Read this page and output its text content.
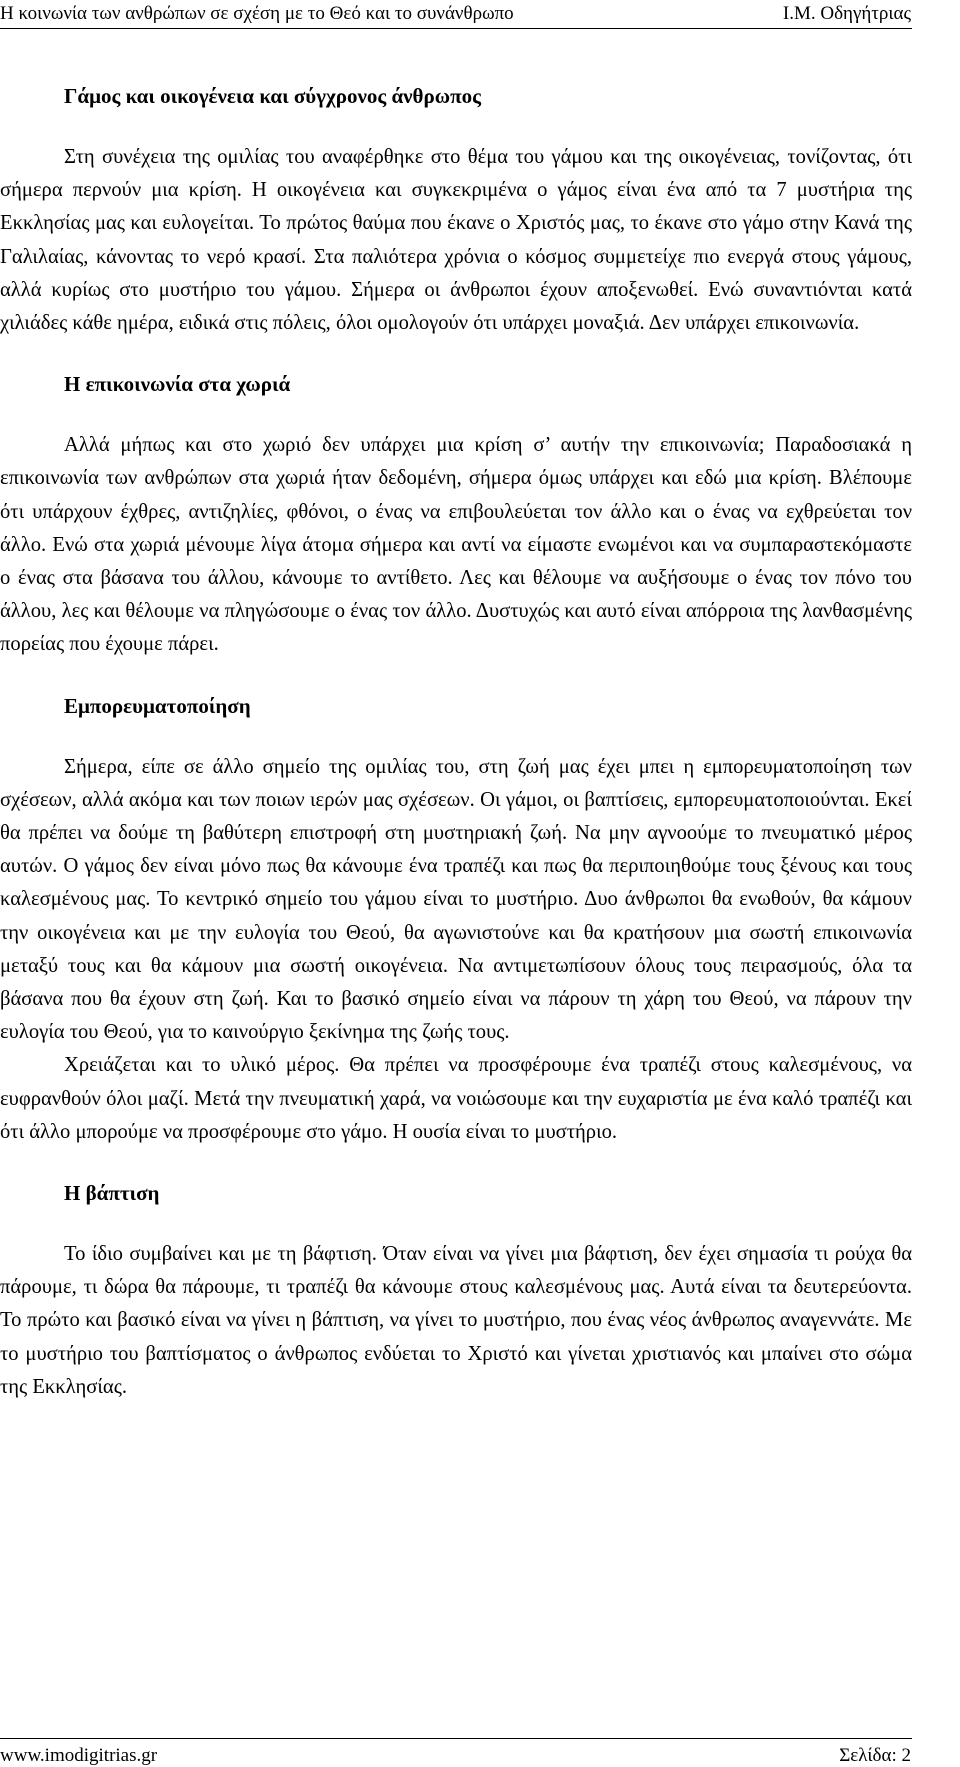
Η κοινωνία των ανθρώπων σε σχέση με το Θεό και το συνάνθρωπο	Ι.Μ. Οδηγήτριας
Γάμος και οικογένεια και σύγχρονος άνθρωπος

Στη συνέχεια της ομιλίας του αναφέρθηκε στο θέμα του γάμου και της οικογένειας, τονίζοντας, ότι σήμερα περνούν μια κρίση. Η οικογένεια και συγκεκριμένα ο γάμος είναι ένα από τα 7 μυστήρια της Εκκλησίας μας και ευλογείται. Το πρώτος θαύμα που έκανε ο Χριστός μας, το έκανε στο γάμο στην Κανά της Γαλιλαίας, κάνοντας το νερό κρασί. Στα παλιότερα χρόνια ο κόσμος συμμετείχε πιο ενεργά στους γάμους, αλλά κυρίως στο μυστήριο του γάμου. Σήμερα οι άνθρωποι έχουν αποξενωθεί. Ενώ συναντιόνται κατά χιλιάδες κάθε ημέρα, ειδικά στις πόλεις, όλοι ομολογούν ότι υπάρχει μοναξιά. Δεν υπάρχει επικοινωνία.

Η επικοινωνία στα χωριά

Αλλά μήπως και στο χωριό δεν υπάρχει μια κρίση σ’ αυτήν την επικοινωνία; Παραδοσιακά η επικοινωνία των ανθρώπων στα χωριά ήταν δεδομένη, σήμερα όμως υπάρχει και εδώ μια κρίση. Βλέπουμε ότι υπάρχουν έχθρες, αντιζηλίες, φθόνοι, ο ένας να επιβουλεύεται τον άλλο και ο ένας να εχθρεύεται τον άλλο. Ενώ στα χωριά μένουμε λίγα άτομα σήμερα και αντί να είμαστε ενωμένοι και να συμπαραστεκόμαστε ο ένας στα βάσανα του άλλου, κάνουμε το αντίθετο. Λες και θέλουμε να αυξήσουμε ο ένας τον πόνο του άλλου, λες και θέλουμε να πληγώσουμε ο ένας τον άλλο. Δυστυχώς και αυτό είναι απόρροια της λανθασμένης πορείας που έχουμε πάρει.

Εμπορευματοποίηση

Σήμερα, είπε σε άλλο σημείο της ομιλίας του, στη ζωή μας έχει μπει η εμπορευματοποίηση των σχέσεων, αλλά ακόμα και των ποιων ιερών μας σχέσεων. Οι γάμοι, οι βαπτίσεις, εμπορευματοποιούνται. Εκεί θα πρέπει να δούμε τη βαθύτερη επιστροφή στη μυστηριακή ζωή. Να μην αγνοούμε το πνευματικό μέρος αυτών. Ο γάμος δεν είναι μόνο πως θα κάνουμε ένα τραπέζι και πως θα περιποιηθούμε τους ξένους και τους καλεσμένους μας. Το κεντρικό σημείο του γάμου είναι το μυστήριο. Δυο άνθρωποι θα ενωθούν, θα κάμουν την οικογένεια και με την ευλογία του Θεού, θα αγωνιστούνε και θα κρατήσουν μια σωστή επικοινωνία μεταξύ τους και θα κάμουν μια σωστή οικογένεια. Να αντιμετωπίσουν όλους τους πειρασμούς, όλα τα βάσανα που θα έχουν στη ζωή. Και το βασικό σημείο είναι να πάρουν τη χάρη του Θεού, να πάρουν την ευλογία του Θεού, για το καινούργιο ξεκίνημα της ζωής τους.

Χρειάζεται και το υλικό μέρος. Θα πρέπει να προσφέρουμε ένα τραπέζι στους καλεσμένους, να ευφρανθούν όλοι μαζί. Μετά την πνευματική χαρά, να νοιώσουμε και την ευχαριστία με ένα καλό τραπέζι και ότι άλλο μπορούμε να προσφέρουμε στο γάμο. Η ουσία είναι το μυστήριο.

Η βάπτιση

Το ίδιο συμβαίνει και με τη βάφτιση. Όταν είναι να γίνει μια βάφτιση, δεν έχει σημασία τι ρούχα θα πάρουμε, τι δώρα θα πάρουμε, τι τραπέζι θα κάνουμε στους καλεσμένους μας. Αυτά είναι τα δευτερεύοντα. Το πρώτο και βασικό είναι να γίνει η βάπτιση, να γίνει το μυστήριο, που ένας νέος άνθρωπος αναγεννάτε. Με το μυστήριο του βαπτίσματος ο άνθρωπος ενδύεται το Χριστό και γίνεται χριστιανός και μπαίνει στο σώμα της Εκκλησίας.

www.imodigitrias.gr	Σελίδα: 2
